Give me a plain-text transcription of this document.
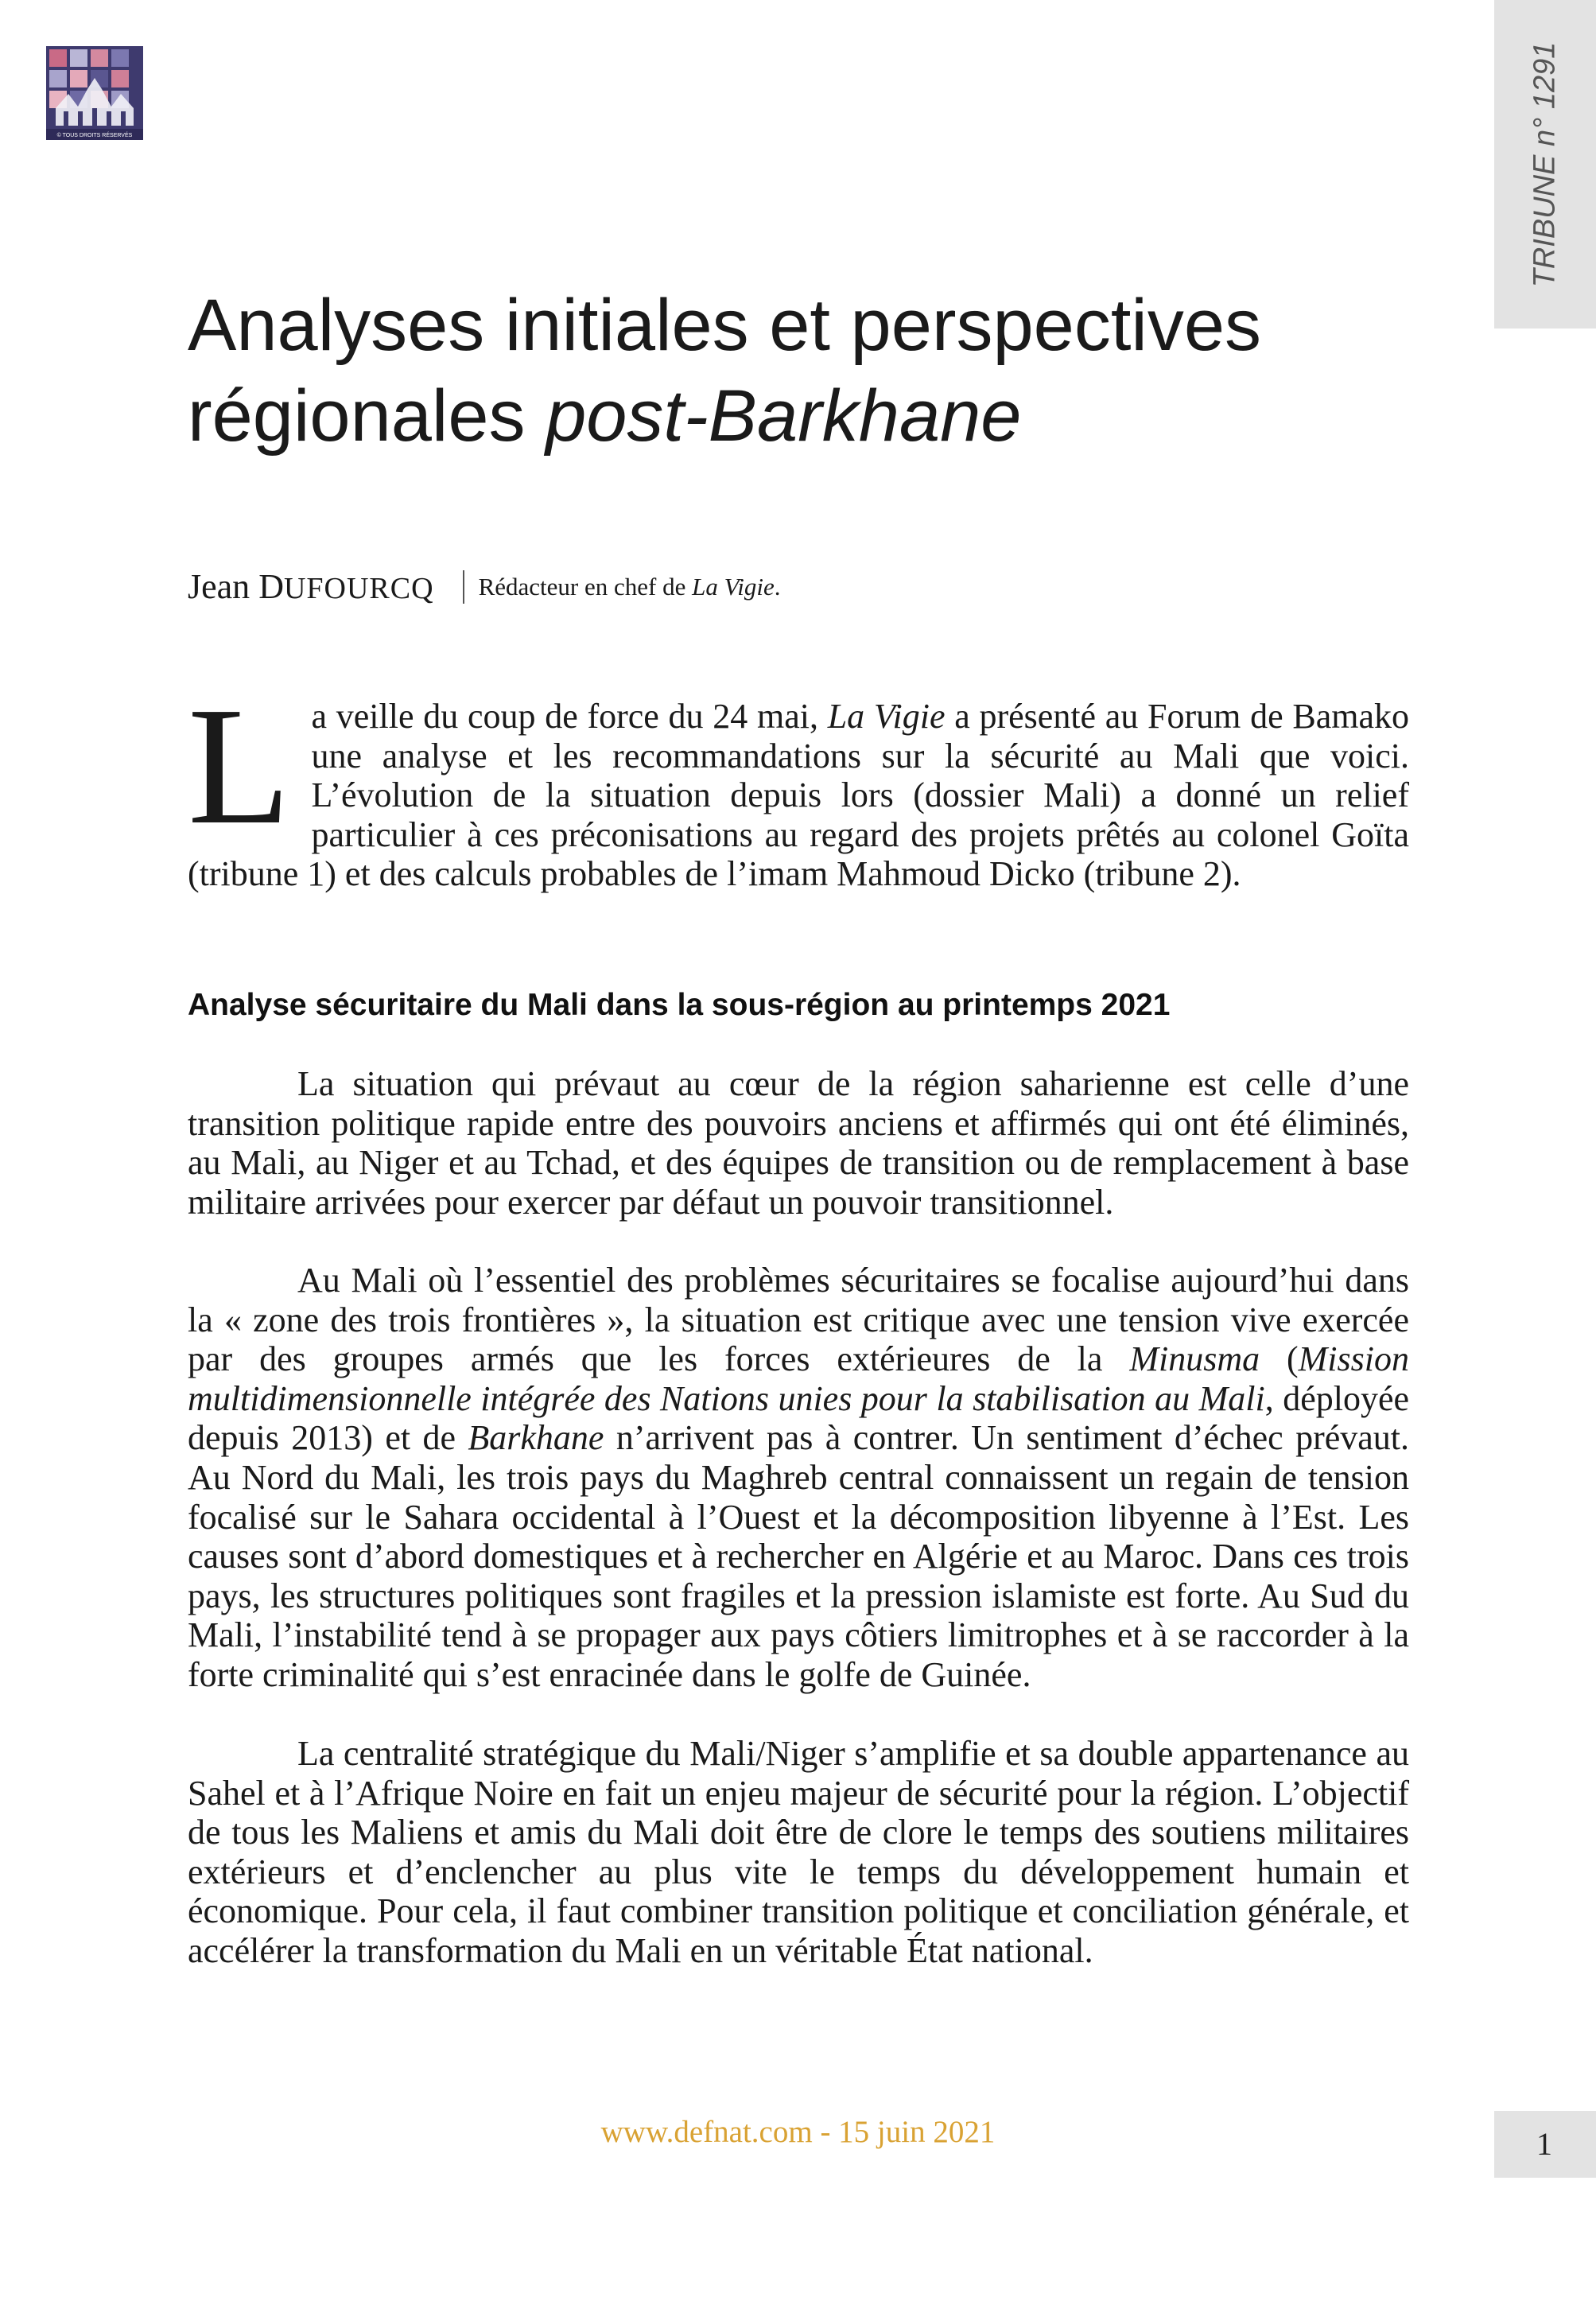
© TOUS DROITS RÉSERVÉS	TRIBUNE n° 1291
Analyses initiales et perspectives
régionales post-Barkhane
Jean DUFOURCQ Rédacteur en chef de La Vigie.

La veille du coup de force du 24 mai, La Vigie a présenté au Forum de Bamako une analyse et les recommandations sur la sécurité au Mali que voici. L’évolution de la situation depuis lors (dossier Mali) a donné un relief particulier à ces préconisations au regard des projets prêtés au colonel Goïta (tribune 1) et des calculs probables de l’imam Mahmoud Dicko (tribune 2).

Analyse sécuritaire du Mali dans la sous-région au printemps 2021

La situation qui prévaut au cœur de la région saharienne est celle d’une transition politique rapide entre des pouvoirs anciens et affirmés qui ont été éliminés, au Mali, au Niger et au Tchad, et des équipes de transition ou de remplacement à base militaire arrivées pour exercer par défaut un pouvoir transitionnel.

Au Mali où l’essentiel des problèmes sécuritaires se focalise aujourd’hui dans la « zone des trois frontières », la situation est critique avec une tension vive exercée par des groupes armés que les forces extérieures de la Minusma (Mission multidimensionnelle intégrée des Nations unies pour la stabilisation au Mali, déployée depuis 2013) et de Barkhane n’arrivent pas à contrer. Un sentiment d’échec prévaut. Au Nord du Mali, les trois pays du Maghreb central connaissent un regain de tension focalisé sur le Sahara occidental à l’Ouest et la décomposition libyenne à l’Est. Les causes sont d’abord domestiques et à rechercher en Algérie et au Maroc. Dans ces trois pays, les structures politiques sont fragiles et la pression islamiste est forte. Au Sud du Mali, l’instabilité tend à se propager aux pays côtiers limitrophes et à se raccorder à la forte criminalité qui s’est enracinée dans le golfe de Guinée.

La centralité stratégique du Mali/Niger s’amplifie et sa double appartenance au Sahel et à l’Afrique Noire en fait un enjeu majeur de sécurité pour la région. L’objectif de tous les Maliens et amis du Mali doit être de clore le temps des soutiens militaires extérieurs et d’enclencher au plus vite le temps du développement humain et économique. Pour cela, il faut combiner transition politique et conciliation générale, et accélérer la transformation du Mali en un véritable État national.

www.defnat.com - 15 juin 2021	1
